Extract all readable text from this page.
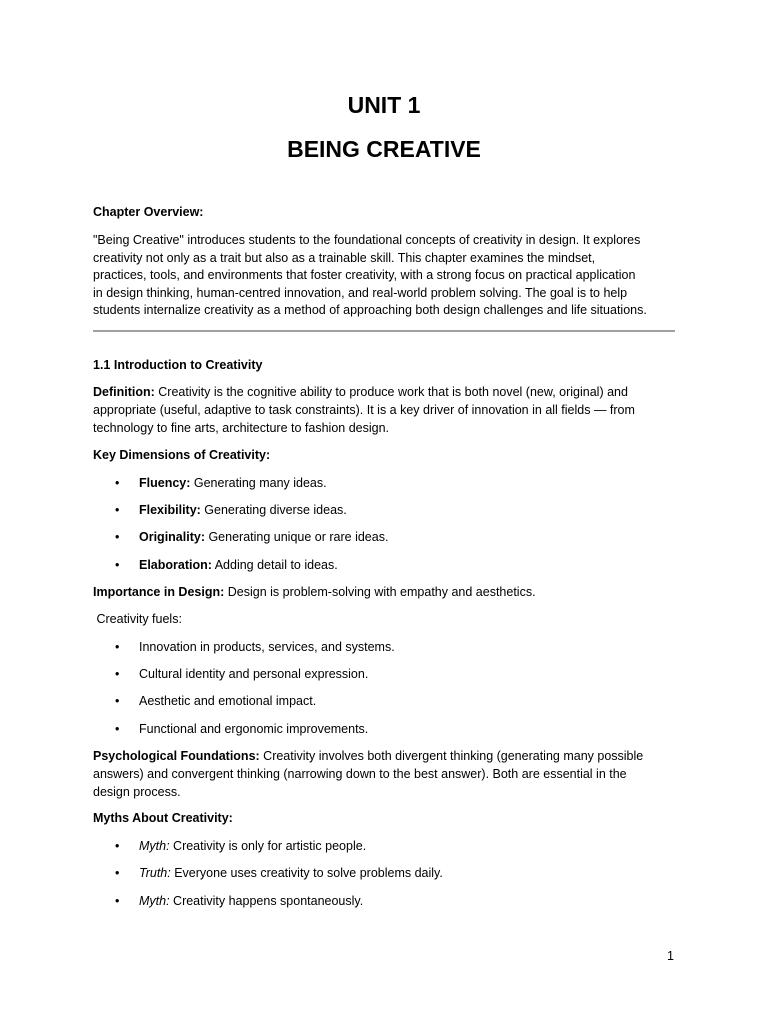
UNIT 1
BEING CREATIVE
Chapter Overview:
"Being Creative" introduces students to the foundational concepts of creativity in design. It explores
creativity not only as a trait but also as a trainable skill. This chapter examines the mindset,
practices, tools, and environments that foster creativity, with a strong focus on practical application
in design thinking, human-centred innovation, and real-world problem solving. The goal is to help
students internalize creativity as a method of approaching both design challenges and life situations.
1.1 Introduction to Creativity
Definition: Creativity is the cognitive ability to produce work that is both novel (new, original) and
appropriate (useful, adaptive to task constraints). It is a key driver of innovation in all fields — from
technology to fine arts, architecture to fashion design.
Key Dimensions of Creativity:
• Fluency: Generating many ideas.
• Flexibility: Generating diverse ideas.
• Originality: Generating unique or rare ideas.
• Elaboration: Adding detail to ideas.
Importance in Design: Design is problem-solving with empathy and aesthetics.
Creativity fuels:
• Innovation in products, services, and systems.
• Cultural identity and personal expression.
• Aesthetic and emotional impact.
• Functional and ergonomic improvements.
Psychological Foundations: Creativity involves both divergent thinking (generating many possible
answers) and convergent thinking (narrowing down to the best answer). Both are essential in the
design process.
Myths About Creativity:
• Myth: Creativity is only for artistic people.
• Truth: Everyone uses creativity to solve problems daily.
• Myth: Creativity happens spontaneously.
1
